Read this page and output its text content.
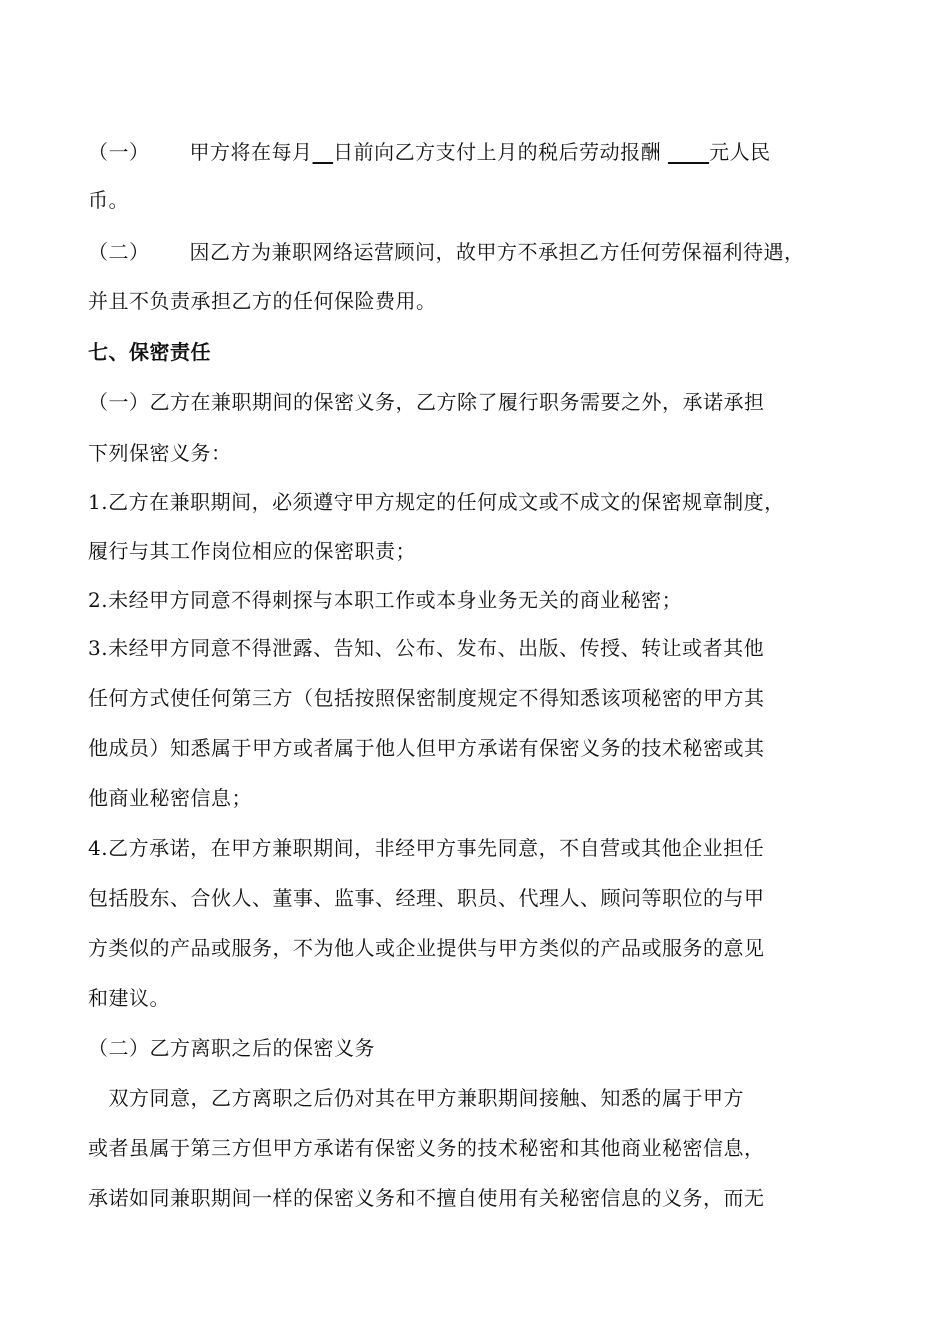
（一） 甲方将在每月 日前向乙方支付上月的税后劳动报酬       元人民
币。
（二） 因乙方为兼职网络运营顾问，故甲方不承担乙方任何劳保福利待遇，
并且不负责承担乙方的任何保险费用。
七、保密责任
（一）乙方在兼职期间的保密义务，乙方除了履行职务需要之外，承诺承担
下列保密义务：
1.乙方在兼职期间，必须遵守甲方规定的任何成文或不成文的保密规章制度，
履行与其工作岗位相应的保密职责；
2.未经甲方同意不得刺探与本职工作或本身业务无关的商业秘密；
3.未经甲方同意不得泄露、告知、公布、发布、出版、传授、转让或者其他
任何方式使任何第三方（包括按照保密制度规定不得知悉该项秘密的甲方其
他成员）知悉属于甲方或者属于他人但甲方承诺有保密义务的技术秘密或其
他商业秘密信息；
4.乙方承诺，在甲方兼职期间，非经甲方事先同意，不自营或其他企业担任
包括股东、合伙人、董事、监事、经理、职员、代理人、顾问等职位的与甲
方类似的产品或服务，不为他人或企业提供与甲方类似的产品或服务的意见
和建议。
（二）乙方离职之后的保密义务
　双方同意，乙方离职之后仍对其在甲方兼职期间接触、知悉的属于甲方
或者虽属于第三方但甲方承诺有保密义务的技术秘密和其他商业秘密信息，
承诺如同兼职期间一样的保密义务和不擅自使用有关秘密信息的义务，而无
